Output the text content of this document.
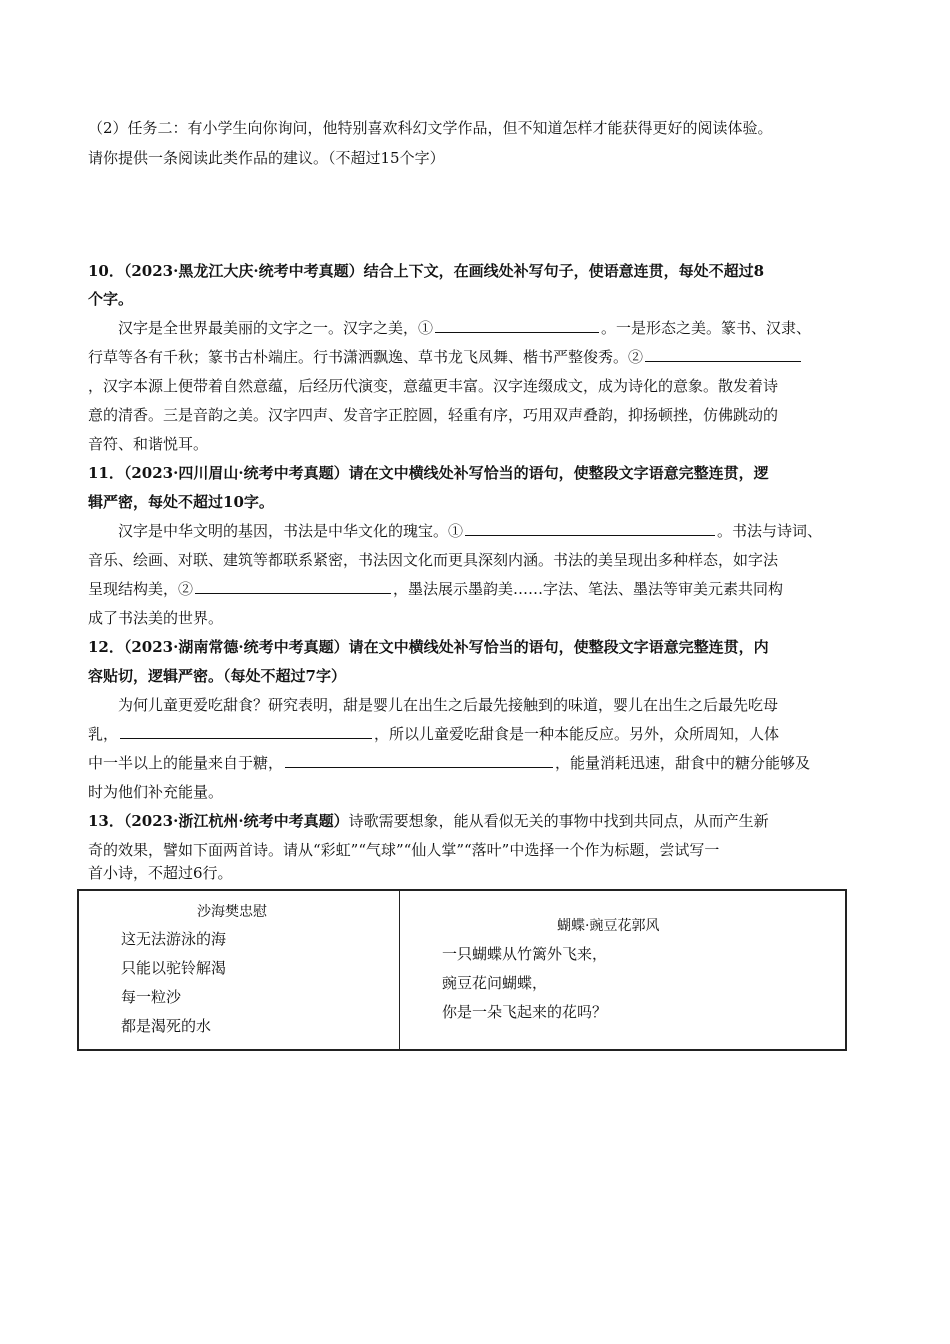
（2）任务二：有小学生向你询问，他特别喜欢科幻文学作品，但不知道怎样才能获得更好的阅读体验。

请你提供一条阅读此类作品的建议。（不超过15个字）

10．（2023·黑龙江大庆·统考中考真题）结合上下文，在画线处补写句子，使语意连贯，每处不超过8

个字。

汉字是全世界最美丽的文字之一。汉字之美，①	。一是形态之美。篆书、汉隶、

行草等各有千秋；篆书古朴端庄。行书潇洒飘逸、草书龙飞凤舞、楷书严整俊秀。②

，汉字本源上便带着自然意蕴，后经历代演变，意蕴更丰富。汉字连缀成文，成为诗化的意象。散发着诗

意的清香。三是音韵之美。汉字四声、发音字正腔圆，轻重有序，巧用双声叠韵，抑扬顿挫，仿佛跳动的

音符、和谐悦耳。

11．（2023·四川眉山·统考中考真题）请在文中横线处补写恰当的语句，使整段文字语意完整连贯，逻

辑严密，每处不超过10字。

汉字是中华文明的基因，书法是中华文化的瑰宝。①	。书法与诗词、

音乐、绘画、对联、建筑等都联系紧密，书法因文化而更具深刻内涵。书法的美呈现出多种样态，如字法

呈现结构美，②	，墨法展示墨韵美……字法、笔法、墨法等审美元素共同构

成了书法美的世界。

12．（2023·湖南常德·统考中考真题）请在文中横线处补写恰当的语句，使整段文字语意完整连贯，内

容贴切，逻辑严密。（每处不超过7字）

为何儿童更爱吃甜食？研究表明，甜是婴儿在出生之后最先接触到的味道，婴儿在出生之后最先吃母

乳，	，所以儿童爱吃甜食是一种本能反应。另外，众所周知，人体

中一半以上的能量来自于糖，	，能量消耗迅速，甜食中的糖分能够及

时为他们补充能量。

13．（2023·浙江杭州·统考中考真题）诗歌需要想象，能从看似无关的事物中找到共同点，从而产生新

奇的效果，譬如下面两首诗。请从“彩虹”“气球”“仙人掌”“落叶”中选择一个作为标题，尝试写一

首小诗，不超过6行。

沙海樊忠慰
这无法游泳的海
只能以驼铃解渴
每一粒沙
都是渴死的水

蝴蝶·豌豆花郭风
一只蝴蝶从竹篱外飞来，
豌豆花问蝴蝶，
你是一朵飞起来的花吗？
